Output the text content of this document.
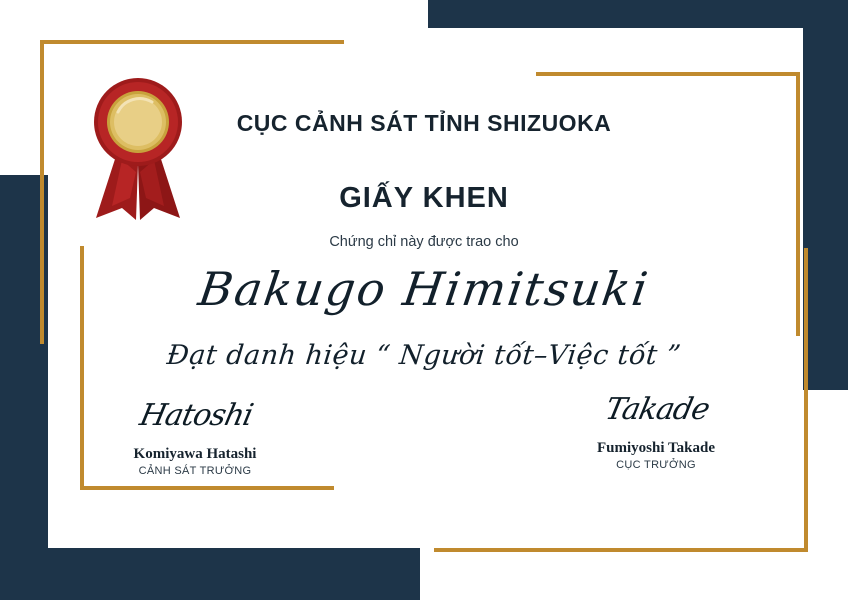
CỤC CẢNH SÁT TỈNH SHIZUOKA
GIẤY KHEN
Chứng chỉ này được trao cho
Bakugo Himitsuki
Đạt danh hiệu “ Người tốt–Việc tốt ”
Hatoshi
Komiyawa Hatashi
CẢNH SÁT TRƯỞNG
Takade
Fumiyoshi Takade
CỤC TRƯỞNG
